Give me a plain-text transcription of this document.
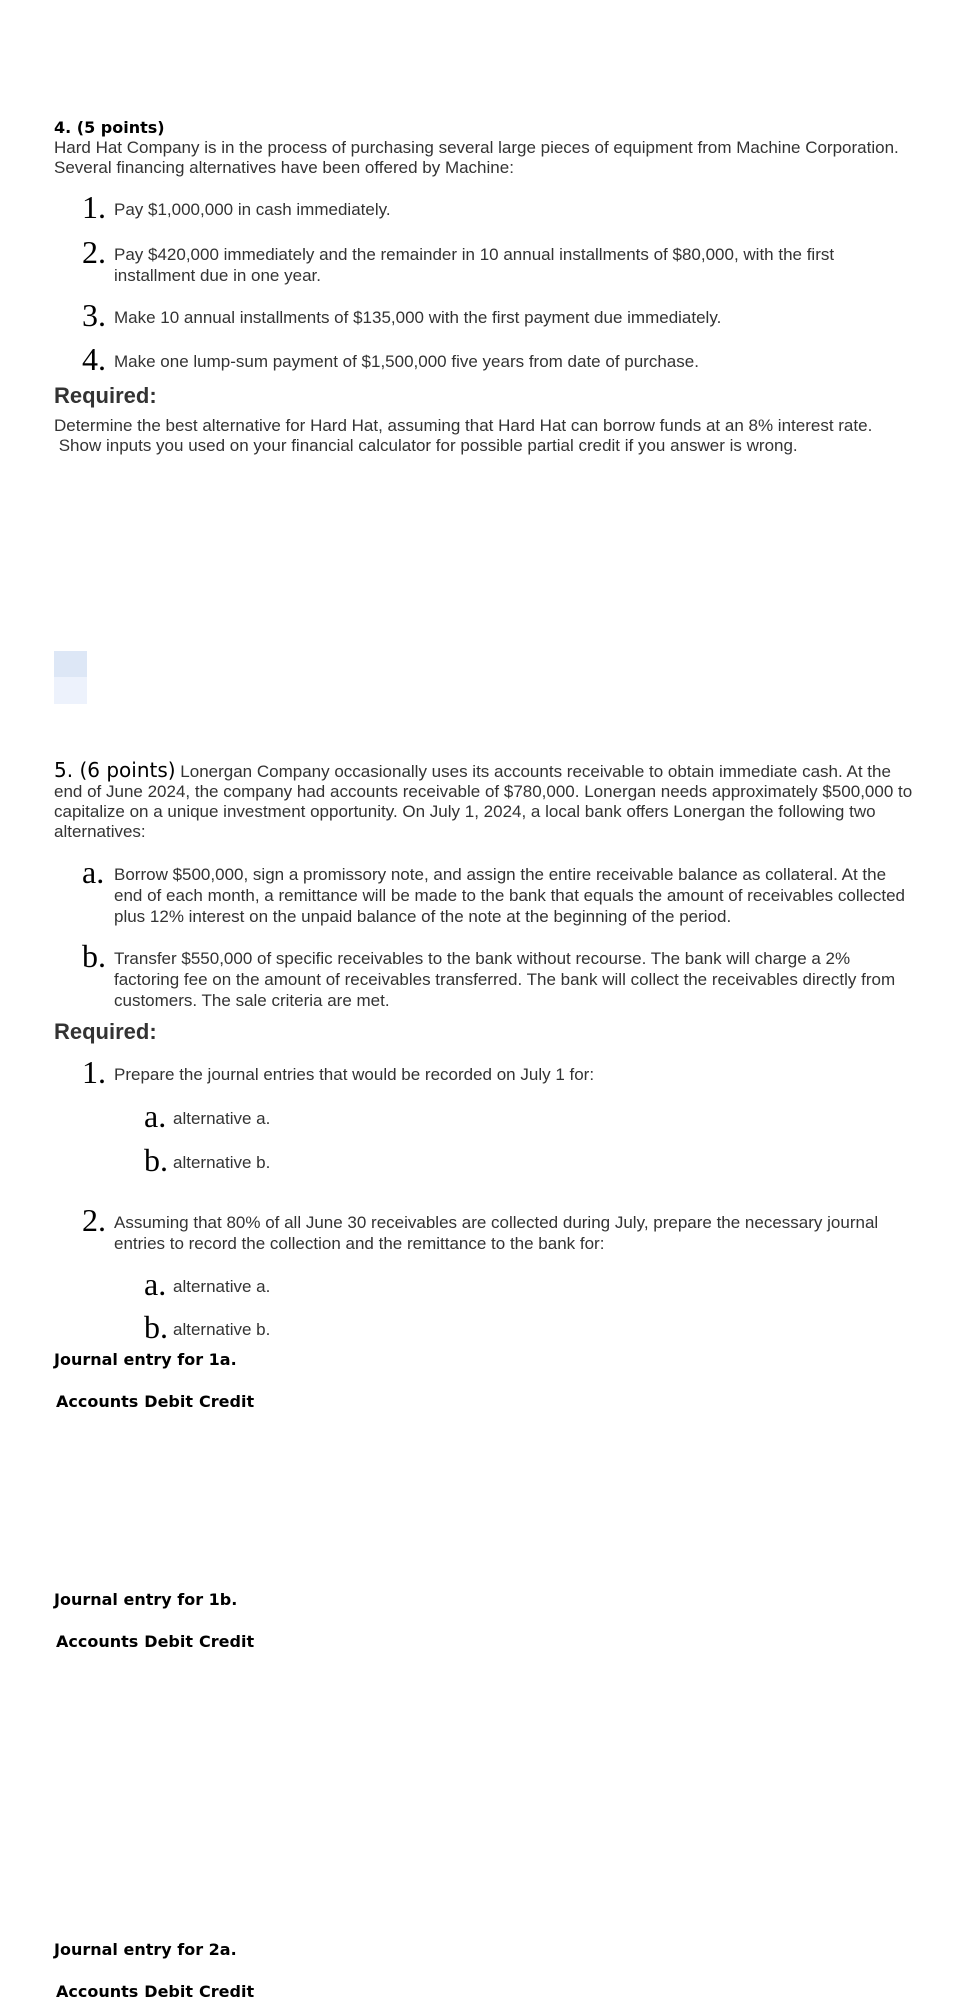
4. (5 points)

Hard Hat Company is in the process of purchasing several large pieces of equipment from Machine Corporation. Several financing alternatives have been offered by Machine:

1. Pay $1,000,000 in cash immediately.
2. Pay $420,000 immediately and the remainder in 10 annual installments of $80,000, with the first installment due in one year.
3. Make 10 annual installments of $135,000 with the first payment due immediately.
4. Make one lump-sum payment of $1,500,000 five years from date of purchase.

Required:

Determine the best alternative for Hard Hat, assuming that Hard Hat can borrow funds at an 8% interest rate.

Show inputs you used on your financial calculator for possible partial credit if you answer is wrong.

5. (6 points) Lonergan Company occasionally uses its accounts receivable to obtain immediate cash. At the end of June 2024, the company had accounts receivable of $780,000. Lonergan needs approximately $500,000 to capitalize on a unique investment opportunity. On July 1, 2024, a local bank offers Lonergan the following two alternatives:

a. Borrow $500,000, sign a promissory note, and assign the entire receivable balance as collateral. At the end of each month, a remittance will be made to the bank that equals the amount of receivables collected plus 12% interest on the unpaid balance of the note at the beginning of the period.
b. Transfer $550,000 of specific receivables to the bank without recourse. The bank will charge a 2% factoring fee on the amount of receivables transferred. The bank will collect the receivables directly from customers. The sale criteria are met.

Required:

1. Prepare the journal entries that would be recorded on July 1 for:
a. alternative a.
b. alternative b.
2. Assuming that 80% of all June 30 receivables are collected during July, prepare the necessary journal entries to record the collection and the remittance to the bank for:
a. alternative a.
b. alternative b.
Journal entry for 1a.
Accounts Debit Credit
Journal entry for 1b.
Accounts Debit Credit
Journal entry for 2a.
Accounts Debit Credit
